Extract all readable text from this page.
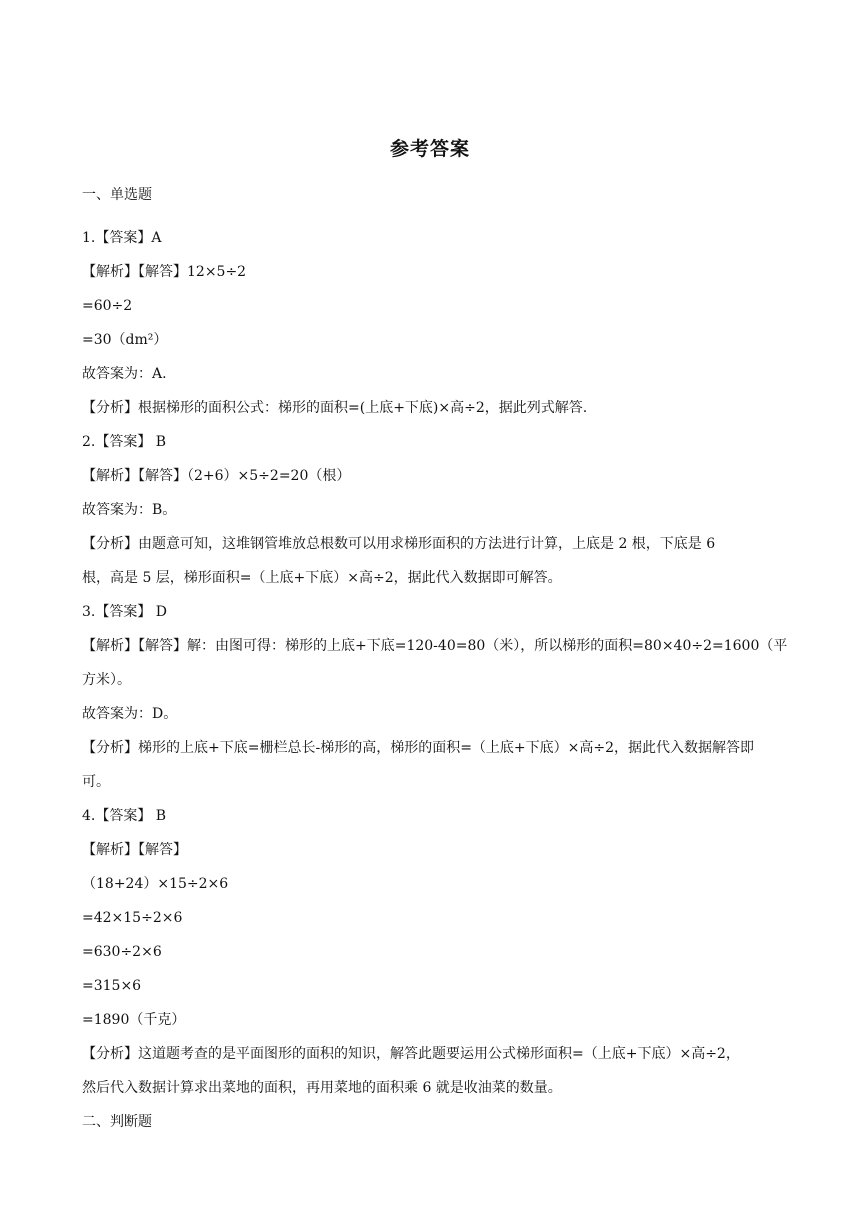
参考答案

一、单选题

1.【答案】A

【解析】【解答】12×5÷2

=60÷2

=30（dm²）

故答案为：A.

【分析】根据梯形的面积公式：梯形的面积=(上底+下底)×高÷2，据此列式解答.

2.【答案】 B

【解析】【解答】（2+6）×5÷2=20（根）

故答案为：B。

【分析】由题意可知，这堆钢管堆放总根数可以用求梯形面积的方法进行计算，上底是 2 根，下底是 6

根，高是 5 层，梯形面积=（上底+下底）×高÷2，据此代入数据即可解答。

3.【答案】 D

【解析】【解答】解：由图可得：梯形的上底+下底=120-40=80（米），所以梯形的面积=80×40÷2=1600（平

方米）。

故答案为：D。

【分析】梯形的上底+下底=栅栏总长-梯形的高，梯形的面积=（上底+下底）×高÷2，据此代入数据解答即

可。

4.【答案】 B

【解析】【解答】

（18+24）×15÷2×6

=42×15÷2×6

=630÷2×6

=315×6

=1890（千克）

【分析】这道题考查的是平面图形的面积的知识，解答此题要运用公式梯形面积=（上底+下底）×高÷2，

然后代入数据计算求出菜地的面积，再用菜地的面积乘 6 就是收油菜的数量。

二、判断题
